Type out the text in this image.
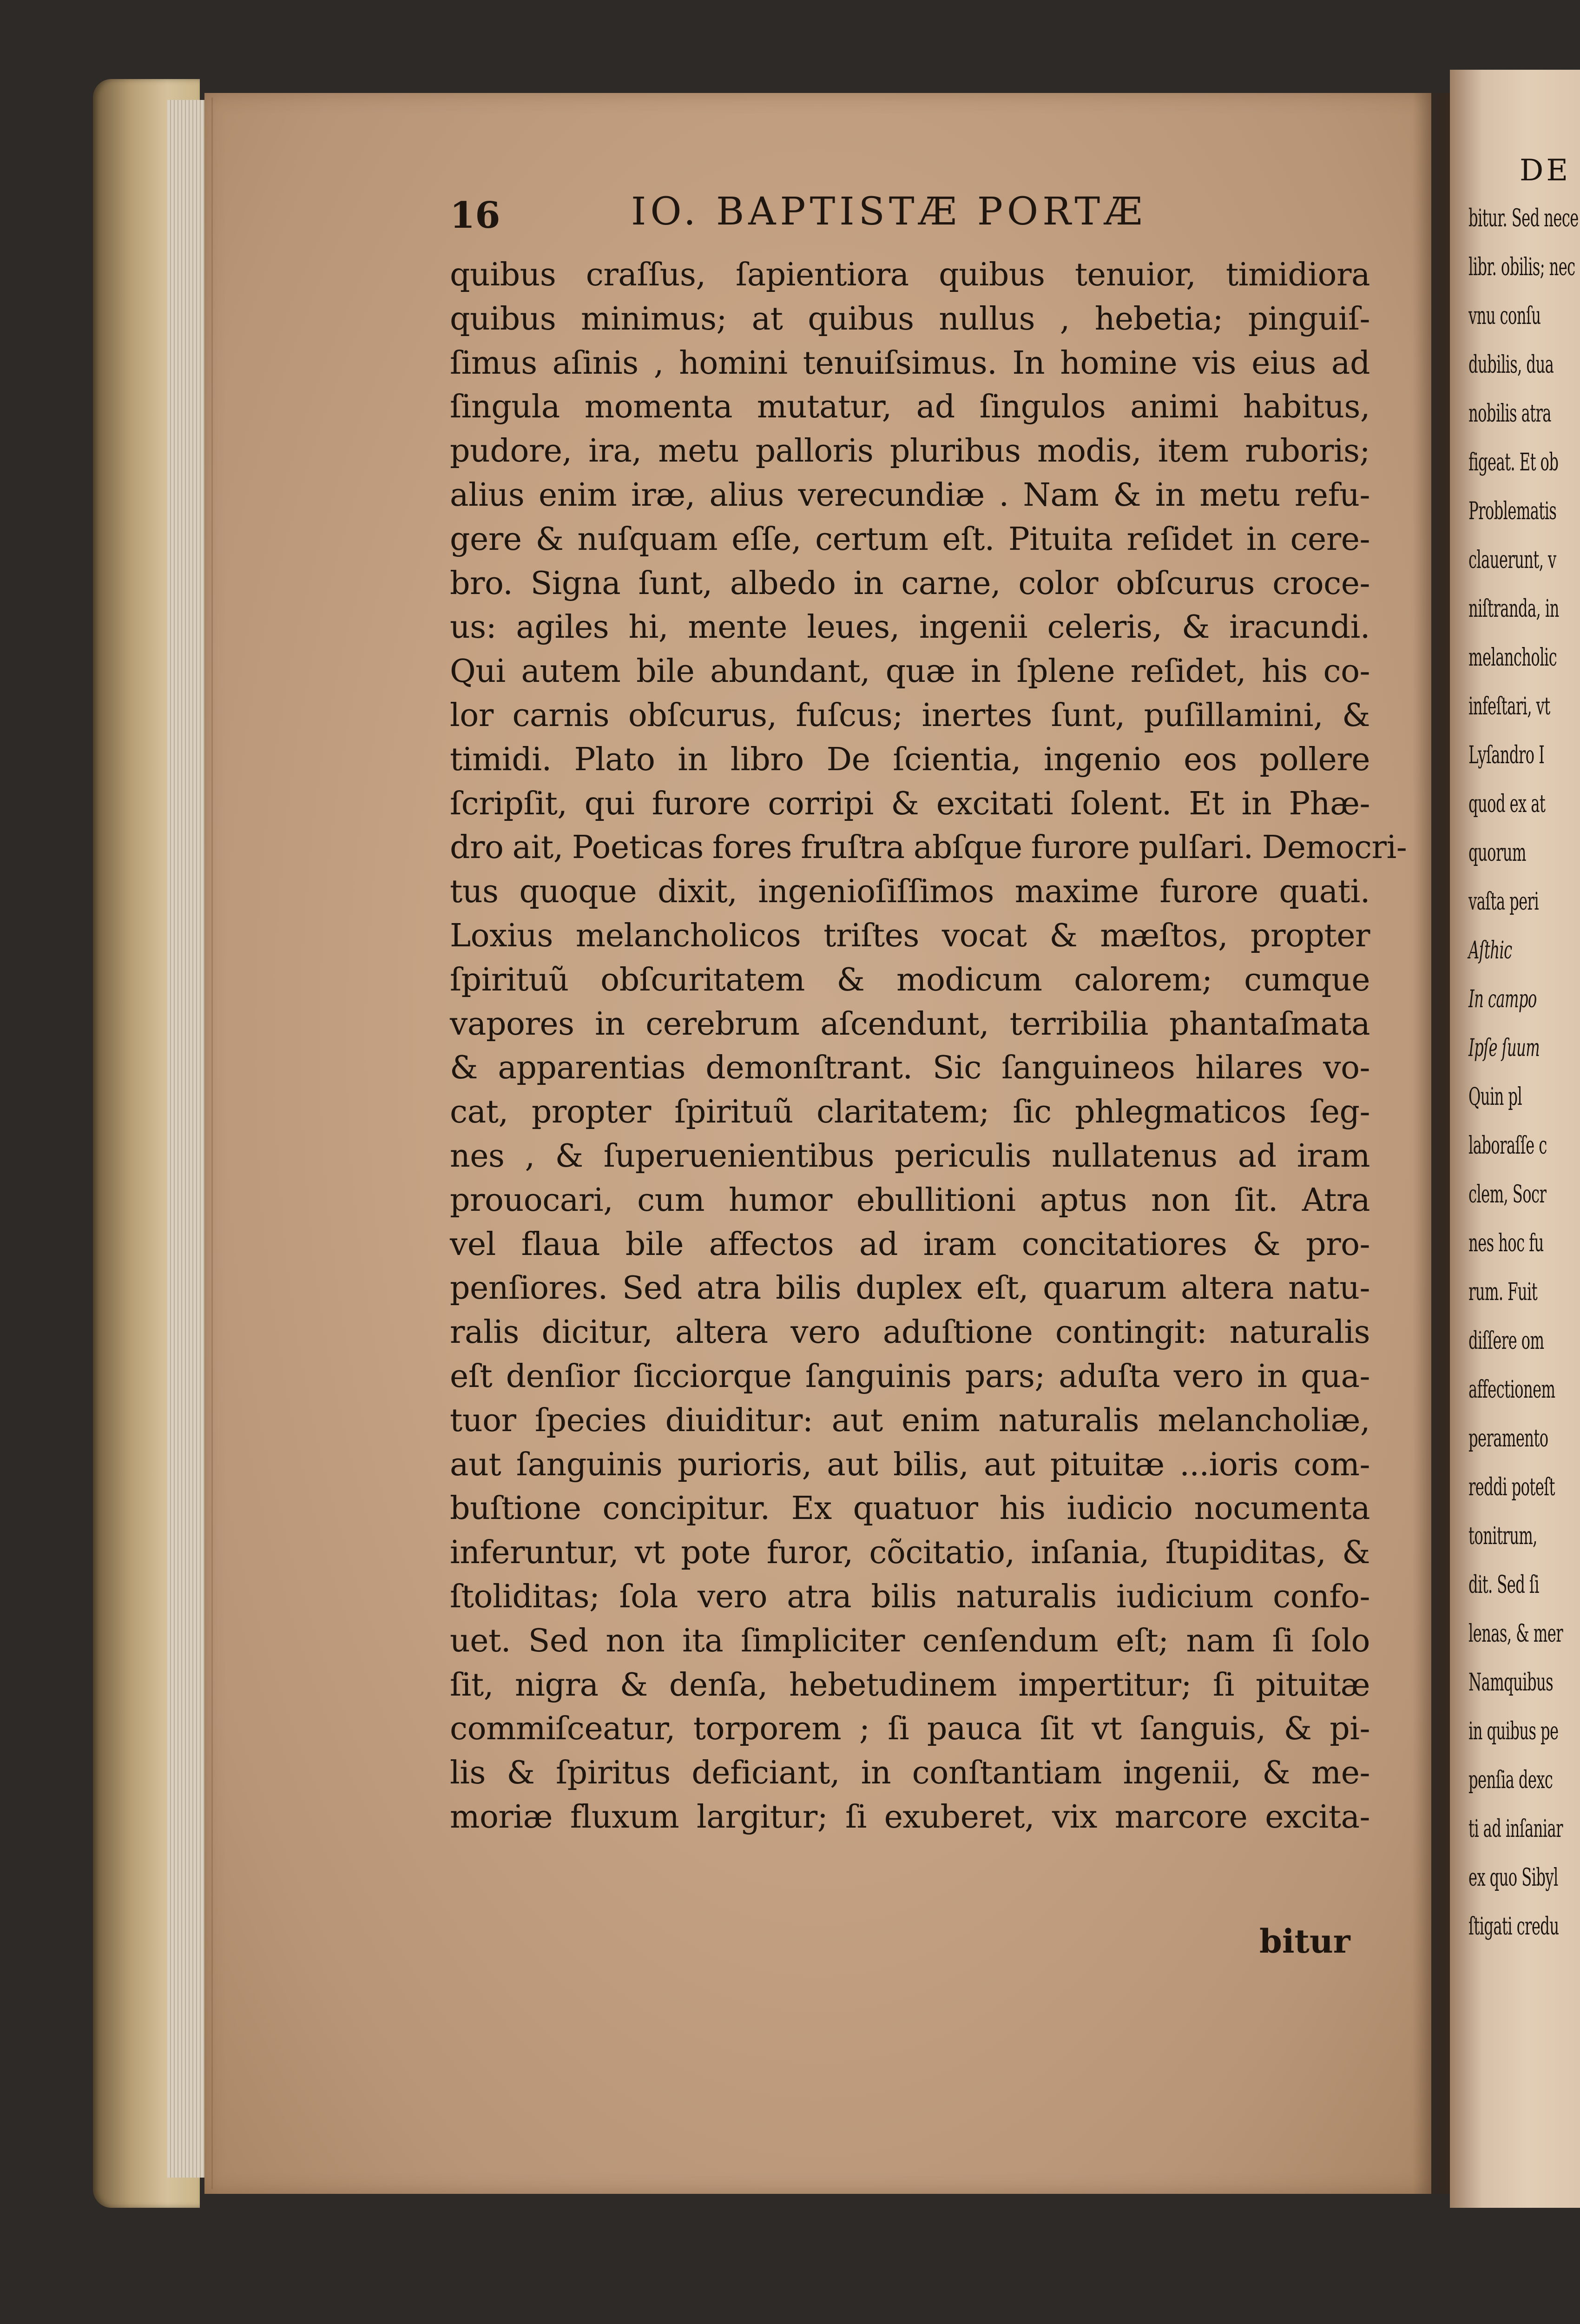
16	IO. BAPTISTÆ PORTÆ
quibus craſſus, ſapientiora quibus tenuior, timidiora
quibus minimus; at quibus nullus , hebetia; pinguiſ-
ſimus aſinis , homini tenuiſsimus. In homine vis eius ad
ſingula momenta mutatur, ad ſingulos animi habitus,
pudore, ira, metu palloris pluribus modis, item ruboris;
alius enim iræ, alius verecundiæ . Nam & in metu refu-
gere & nuſquam eſſe, certum eſt. Pituita reſidet in cere-
bro. Signa ſunt, albedo in carne, color obſcurus croce-
us: agiles hi, mente leues, ingenii celeris, & iracundi.
Qui autem bile abundant, quæ in ſplene reſidet, his co-
lor carnis obſcurus, fuſcus; inertes ſunt, puſillamini, &
timidi. Plato in libro De ſcientia, ingenio eos pollere
ſcripſit, qui furore corripi & excitati ſolent. Et in Phæ-
dro ait, Poeticas fores fruſtra abſque furore pulſari. Democri-
tus quoque dixit, ingenioſiſſimos maxime furore quati.
Loxius melancholicos triſtes vocat & mæſtos, propter
ſpirituũ obſcuritatem & modicum calorem; cumque
vapores in cerebrum aſcendunt, terribilia phantaſmata
& apparentias demonſtrant. Sic ſanguineos hilares vo-
cat, propter ſpirituũ claritatem; ſic phlegmaticos ſeg-
nes , & ſuperuenientibus periculis nullatenus ad iram
prouocari, cum humor ebullitioni aptus non ſit. Atra
vel flaua bile affectos ad iram concitatiores & pro-
penſiores. Sed atra bilis duplex eſt, quarum altera natu-
ralis dicitur, altera vero aduſtione contingit: naturalis
eſt denſior ſicciorque ſanguinis pars; aduſta vero in qua-
tuor ſpecies diuiditur: aut enim naturalis melancholiæ,
aut ſanguinis purioris, aut bilis, aut pituitæ ...ioris com-
buſtione concipitur. Ex quatuor his iudicio nocumenta
inferuntur, vt pote furor, cõcitatio, inſania, ſtupiditas, &
ſtoliditas; ſola vero atra bilis naturalis iudicium confo-
uet. Sed non ita ſimpliciter cenſendum eſt; nam ſi ſolo
ſit, nigra & denſa, hebetudinem impertitur; ſi pituitæ
commiſceatur, torporem ; ſi pauca ſit vt ſanguis, & pi-
lis & ſpiritus deficiant, in conſtantiam ingenii, & me-
moriæ fluxum largitur; ſi exuberet, vix marcore excita-
bitur
DE
bitur. Sed nece
libr. obilis; nec
vnu conſu
dubilis, dua
nobilis atra
figeat. Et ob
Problematis
clauerunt, v
niſtranda, in
melancholic
infeſtari, vt
Lyſandro I
quod ex at
quorum
vaſta peri
Aſthic
In campo
Ipſe ſuum
Quin pl
laboraſſe c
clem, Socr
nes hoc fu
rum. Fuit
diſſere om
affectionem
peramento
reddi poteſt
tonitrum,
dit. Sed ſi
lenas, & mer
Namquibus
in quibus pe
penſia dexc
ti ad inſaniar
ex quo Sibyl
ſtigati credu
